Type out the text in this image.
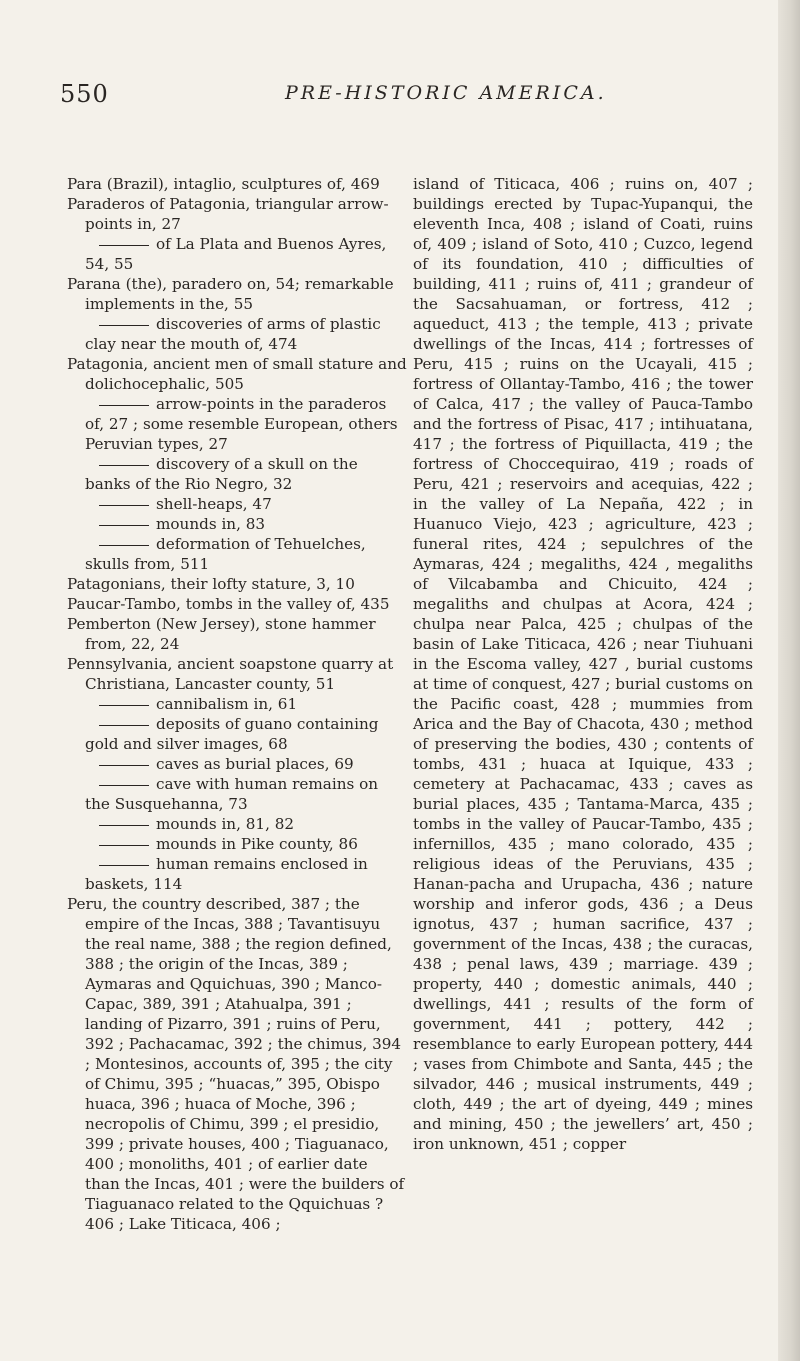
550	PRE-HISTORIC AMERICA.

Para (Brazil), intaglio, sculptures of, 469

Paraderos of Patagonia, triangular arrow-points in, 27

of La Plata and Buenos Ayres, 54, 55

Parana (the), paradero on, 54; remarkable implements in the, 55

discoveries of arms of plastic clay near the mouth of, 474

Patagonia, ancient men of small stature and dolichocephalic, 505

arrow-points in the paraderos of, 27 ; some resemble European, others Peruvian types, 27

discovery of a skull on the banks of the Rio Negro, 32

shell-heaps, 47

mounds in, 83

deformation of Tehuelches, skulls from, 511

Patagonians, their lofty stature, 3, 10

Paucar-Tambo, tombs in the valley of, 435

Pemberton (New Jersey), stone hammer from, 22, 24

Pennsylvania, ancient soapstone quarry at Christiana, Lancaster county, 51

cannibalism in, 61

deposits of guano containing gold and silver images, 68

caves as burial places, 69

cave with human remains on the Susquehanna, 73

mounds in, 81, 82

mounds in Pike county, 86

human remains enclosed in baskets, 114

Peru, the country described, 387 ; the empire of the Incas, 388 ; Tavantisuyu the real name, 388 ; the region defined, 388 ; the origin of the Incas, 389 ; Aymaras and Qquichuas, 390 ; Manco-Capac, 389, 391 ; Atahualpa, 391 ; landing of Pizarro, 391 ; ruins of Peru, 392 ; Pachacamac, 392 ; the chimus, 394 ; Montesinos, accounts of, 395 ; the city of Chimu, 395 ; “huacas,” 395, Obispo huaca, 396 ; huaca of Moche, 396 ; necropolis of Chimu, 399 ; el presidio, 399 ; private houses, 400 ; Tiaguanaco, 400 ; monoliths, 401 ; of earlier date than the Incas, 401 ; were the builders of Tiaguanaco related to the Qquichuas ? 406 ; Lake Titicaca, 406 ;

island of Titicaca, 406 ; ruins on, 407 ; buildings erected by Tupac-Yupanqui, the eleventh Inca, 408 ; island of Coati, ruins of, 409 ; island of Soto, 410 ; Cuzco, legend of its foundation, 410 ; difficulties of building, 411 ; ruins of, 411 ; grandeur of the Sacsahuaman, or fortress, 412 ; aqueduct, 413 ; the temple, 413 ; private dwellings of the Incas, 414 ; fortresses of Peru, 415 ; ruins on the Ucayali, 415 ; fortress of Ollantay-Tambo, 416 ; the tower of Calca, 417 ; the valley of Pauca-Tambo and the fortress of Pisac, 417 ; intihuatana, 417 ; the fortress of Piquillacta, 419 ; the fortress of Choccequirao, 419 ; roads of Peru, 421 ; reservoirs and acequias, 422 ; in the valley of La Nepaña, 422 ; in Huanuco Viejo, 423 ; agriculture, 423 ; funeral rites, 424 ; sepulchres of the Aymaras, 424 ; megaliths, 424 , megaliths of Vilcabamba and Chicuito, 424 ; megaliths and chulpas at Acora, 424 ; chulpa near Palca, 425 ; chulpas of the basin of Lake Titicaca, 426 ; near Tiuhuani in the Escoma valley, 427 , burial customs at time of conquest, 427 ; burial customs on the Pacific coast, 428 ; mummies from Arica and the Bay of Chacota, 430 ; method of preserving the bodies, 430 ; contents of tombs, 431 ; huaca at Iquique, 433 ; cemetery at Pachacamac, 433 ; caves as burial places, 435 ; Tantama-Marca, 435 ; tombs in the valley of Paucar-Tambo, 435 ; infernillos, 435 ; mano colorado, 435 ; religious ideas of the Peruvians, 435 ; Hanan-pacha and Urupacha, 436 ; nature worship and inferor gods, 436 ; a Deus ignotus, 437 ; human sacrifice, 437 ; government of the Incas, 438 ; the curacas, 438 ; penal laws, 439 ; marriage. 439 ; property, 440 ; domestic animals, 440 ; dwellings, 441 ; results of the form of government, 441 ; pottery, 442 ; resemblance to early European pottery, 444 ; vases from Chimbote and Santa, 445 ; the silvador, 446 ; musical instruments, 449 ; cloth, 449 ; the art of dyeing, 449 ; mines and mining, 450 ; the jewellers’ art, 450 ; iron unknown, 451 ; copper
